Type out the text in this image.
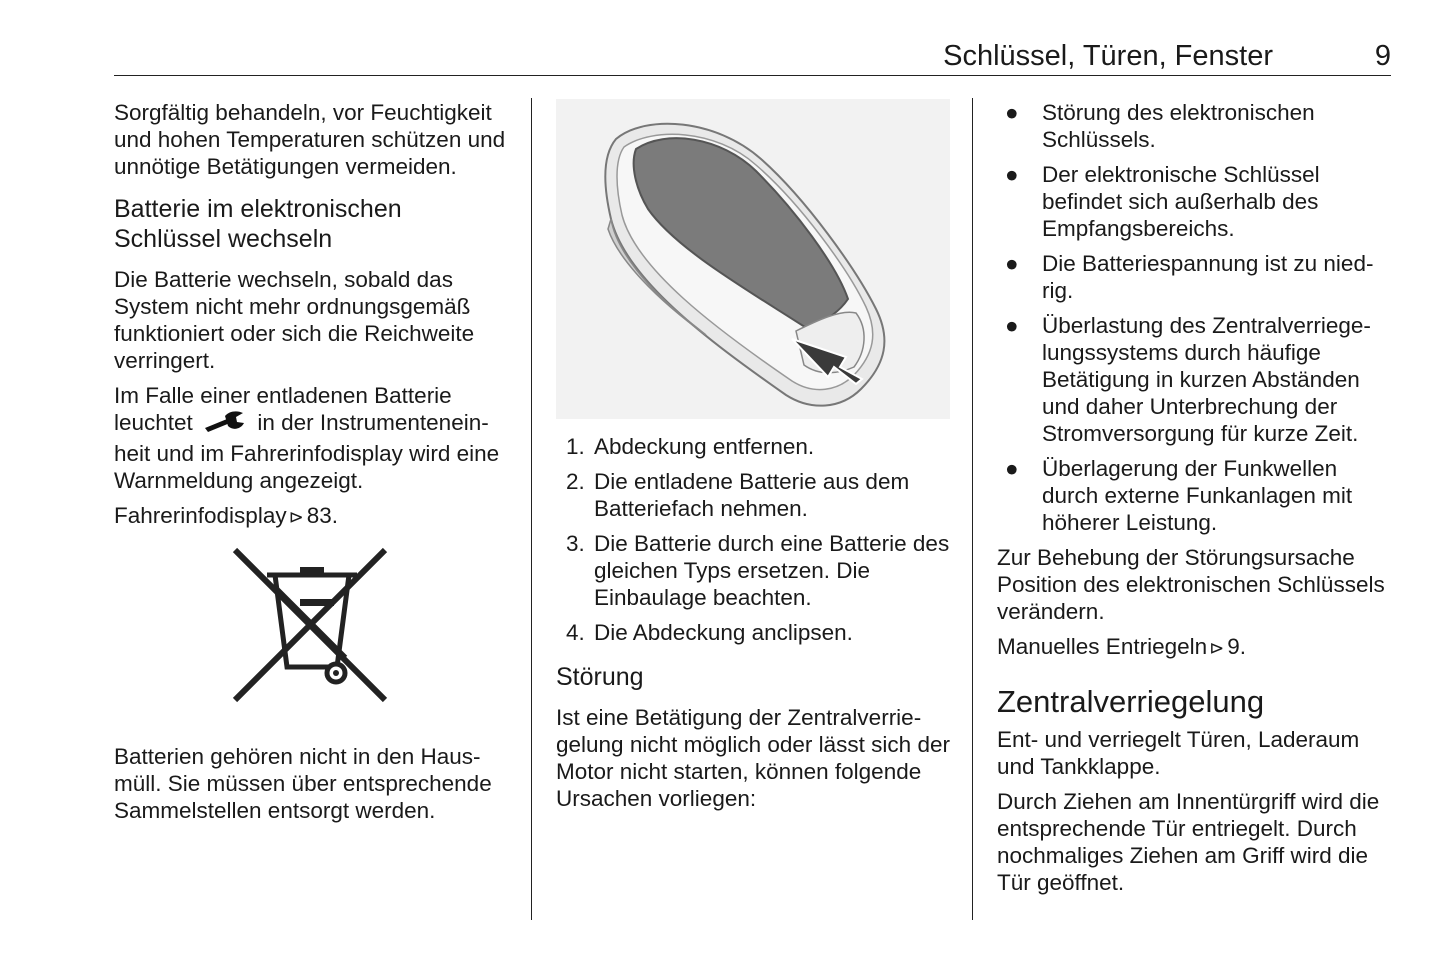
Schlüssel, Türen, Fenster	9

Sorgfältig behandeln, vor Feuchtigkeit und hohen Temperaturen schützen und unnötige Betätigungen vermeiden.

Batterie im elektronischen Schlüssel wechseln

Die Batterie wechseln, sobald das System nicht mehr ordnungsgemäß funktioniert oder sich die Reichweite verringert.

Im Falle einer entladenen Batterie leuchtet	in der Instrumenteneinheit und im Fahrerinfodisplay wird eine Warnmeldung angezeigt.

Fahrerinfodisplay ⊳ 83.

Batterien gehören nicht in den Hausmüll. Sie müssen über entsprechende Sammelstellen entsorgt werden.

1. Abdeckung entfernen.
2. Die entladene Batterie aus dem Batteriefach nehmen.
3. Die Batterie durch eine Batterie des gleichen Typs ersetzen. Die Einbaulage beachten.
4. Die Abdeckung anclipsen.
Störung

Ist eine Betätigung der Zentralverriegelung nicht möglich oder lässt sich der Motor nicht starten, können folgende Ursachen vorliegen:

●	Störung des elektronischen Schlüssels.
●	Der elektronische Schlüssel befindet sich außerhalb des Empfangsbereichs.
●	Die Batteriespannung ist zu niedrig.
●	Überlastung des Zentralverriegelungssystems durch häufige Betätigung in kurzen Abständen und daher Unterbrechung der Stromversorgung für kurze Zeit.
●	Überlagerung der Funkwellen durch externe Funkanlagen mit höherer Leistung.

Zur Behebung der Störungsursache Position des elektronischen Schlüssels verändern.

Manuelles Entriegeln ⊳ 9.

Zentralverriegelung

Ent- und verriegelt Türen, Laderaum und Tankklappe.

Durch Ziehen am Innentürgriff wird die entsprechende Tür entriegelt. Durch nochmaliges Ziehen am Griff wird die Tür geöffnet.
